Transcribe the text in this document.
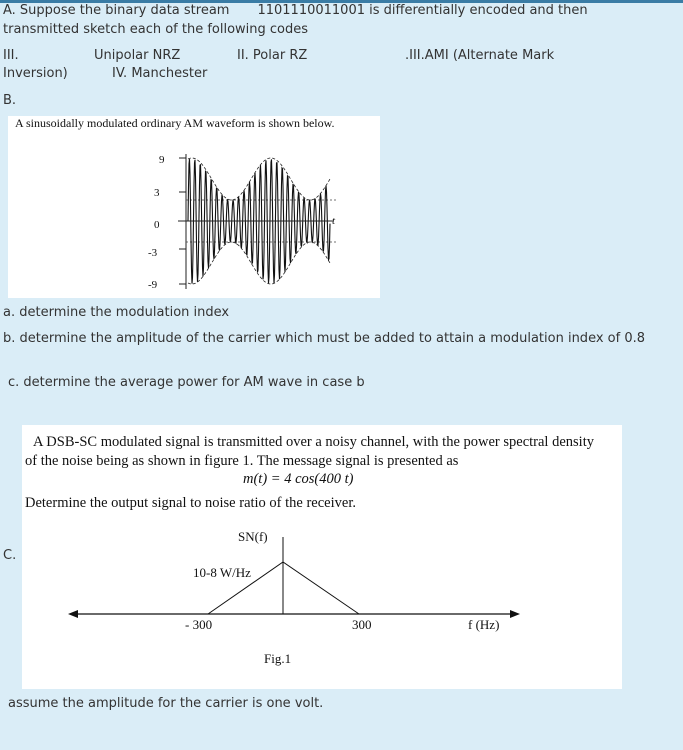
A. Suppose the binary data stream 1101110011001 is differentially encoded and then
transmitted sketch each of the following codes
III.	Unipolar NRZ	II. Polar RZ	.III.AMI (Alternate Mark
Inversion)	IV. Manchester
B.
A sinusoidally modulated ordinary AM waveform is shown below.
9
3
0
-3
-9
t
a. determine the modulation index
b. determine the amplitude of the carrier which must be added to attain a modulation index of 0.8
c. determine the average power for AM wave in case b
C.
A DSB-SC modulated signal is transmitted over a noisy channel, with the power spectral density
of the noise being as shown in figure 1. The message signal is presented as
m(t) = 4 cos(400 t)
Determine the output signal to noise ratio of the receiver.
SN(f)
10-8 W/Hz
- 300	300	f (Hz)
Fig.1
assume the amplitude for the carrier is one volt.
